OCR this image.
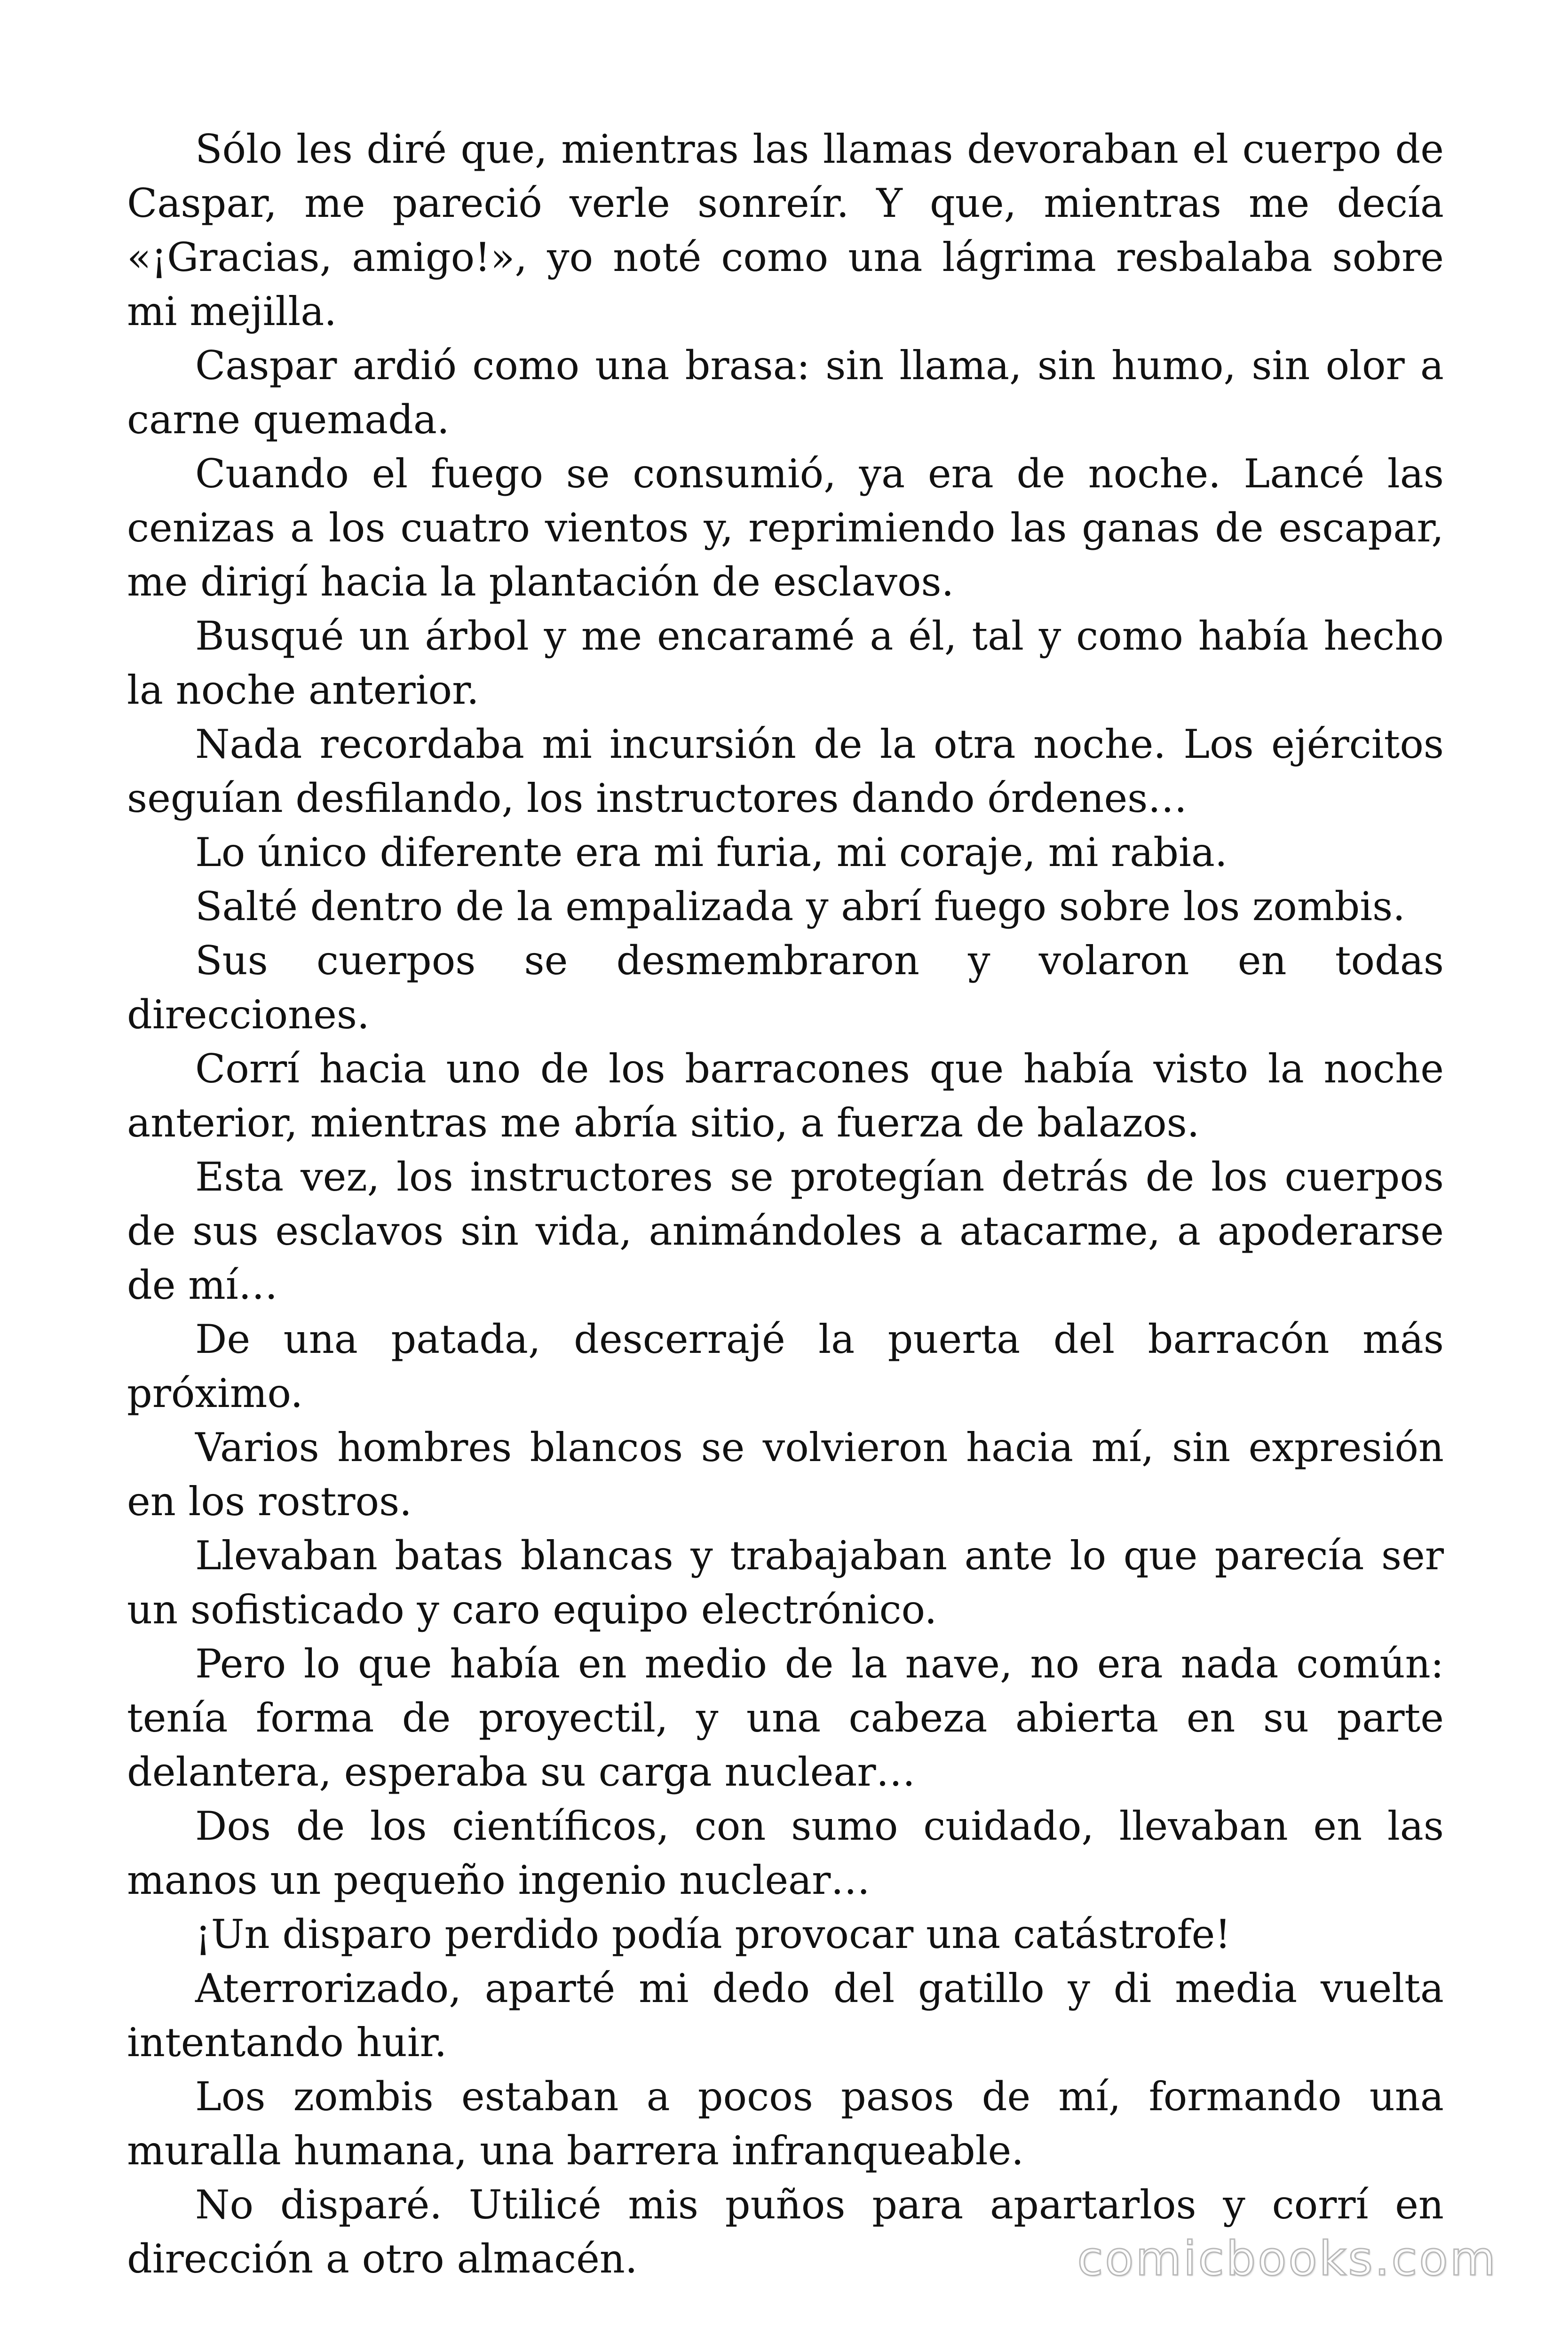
Sólo les diré que, mientras las llamas devoraban el cuerpo de Caspar, me pareció verle sonreír. Y que, mientras me decía «¡Gracias, amigo!», yo noté como una lágrima resbalaba sobre mi mejilla.

Caspar ardió como una brasa: sin llama, sin humo, sin olor a carne quemada.

Cuando el fuego se consumió, ya era de noche. Lancé las cenizas a los cuatro vientos y, reprimiendo las ganas de escapar, me dirigí hacia la plantación de esclavos.

Busqué un árbol y me encaramé a él, tal y como había hecho la noche anterior.

Nada recordaba mi incursión de la otra noche. Los ejércitos seguían desfilando, los instructores dando órdenes…

Lo único diferente era mi furia, mi coraje, mi rabia.

Salté dentro de la empalizada y abrí fuego sobre los zombis.

Sus cuerpos se desmembraron y volaron en todas direcciones.

Corrí hacia uno de los barracones que había visto la noche anterior, mientras me abría sitio, a fuerza de balazos.

Esta vez, los instructores se protegían detrás de los cuerpos de sus esclavos sin vida, animándoles a atacarme, a apoderarse de mí…

De una patada, descerrajé la puerta del barracón más próximo.

Varios hombres blancos se volvieron hacia mí, sin expresión en los rostros.

Llevaban batas blancas y trabajaban ante lo que parecía ser un sofisticado y caro equipo electrónico.

Pero lo que había en medio de la nave, no era nada común: tenía forma de proyectil, y una cabeza abierta en su parte delantera, esperaba su carga nuclear…

Dos de los científicos, con sumo cuidado, llevaban en las manos un pequeño ingenio nuclear…

¡Un disparo perdido podía provocar una catástrofe!

Aterrorizado, aparté mi dedo del gatillo y di media vuelta intentando huir.

Los zombis estaban a pocos pasos de mí, formando una muralla humana, una barrera infranqueable.

No disparé. Utilicé mis puños para apartarlos y corrí en dirección a otro almacén.	comicbooks.com
